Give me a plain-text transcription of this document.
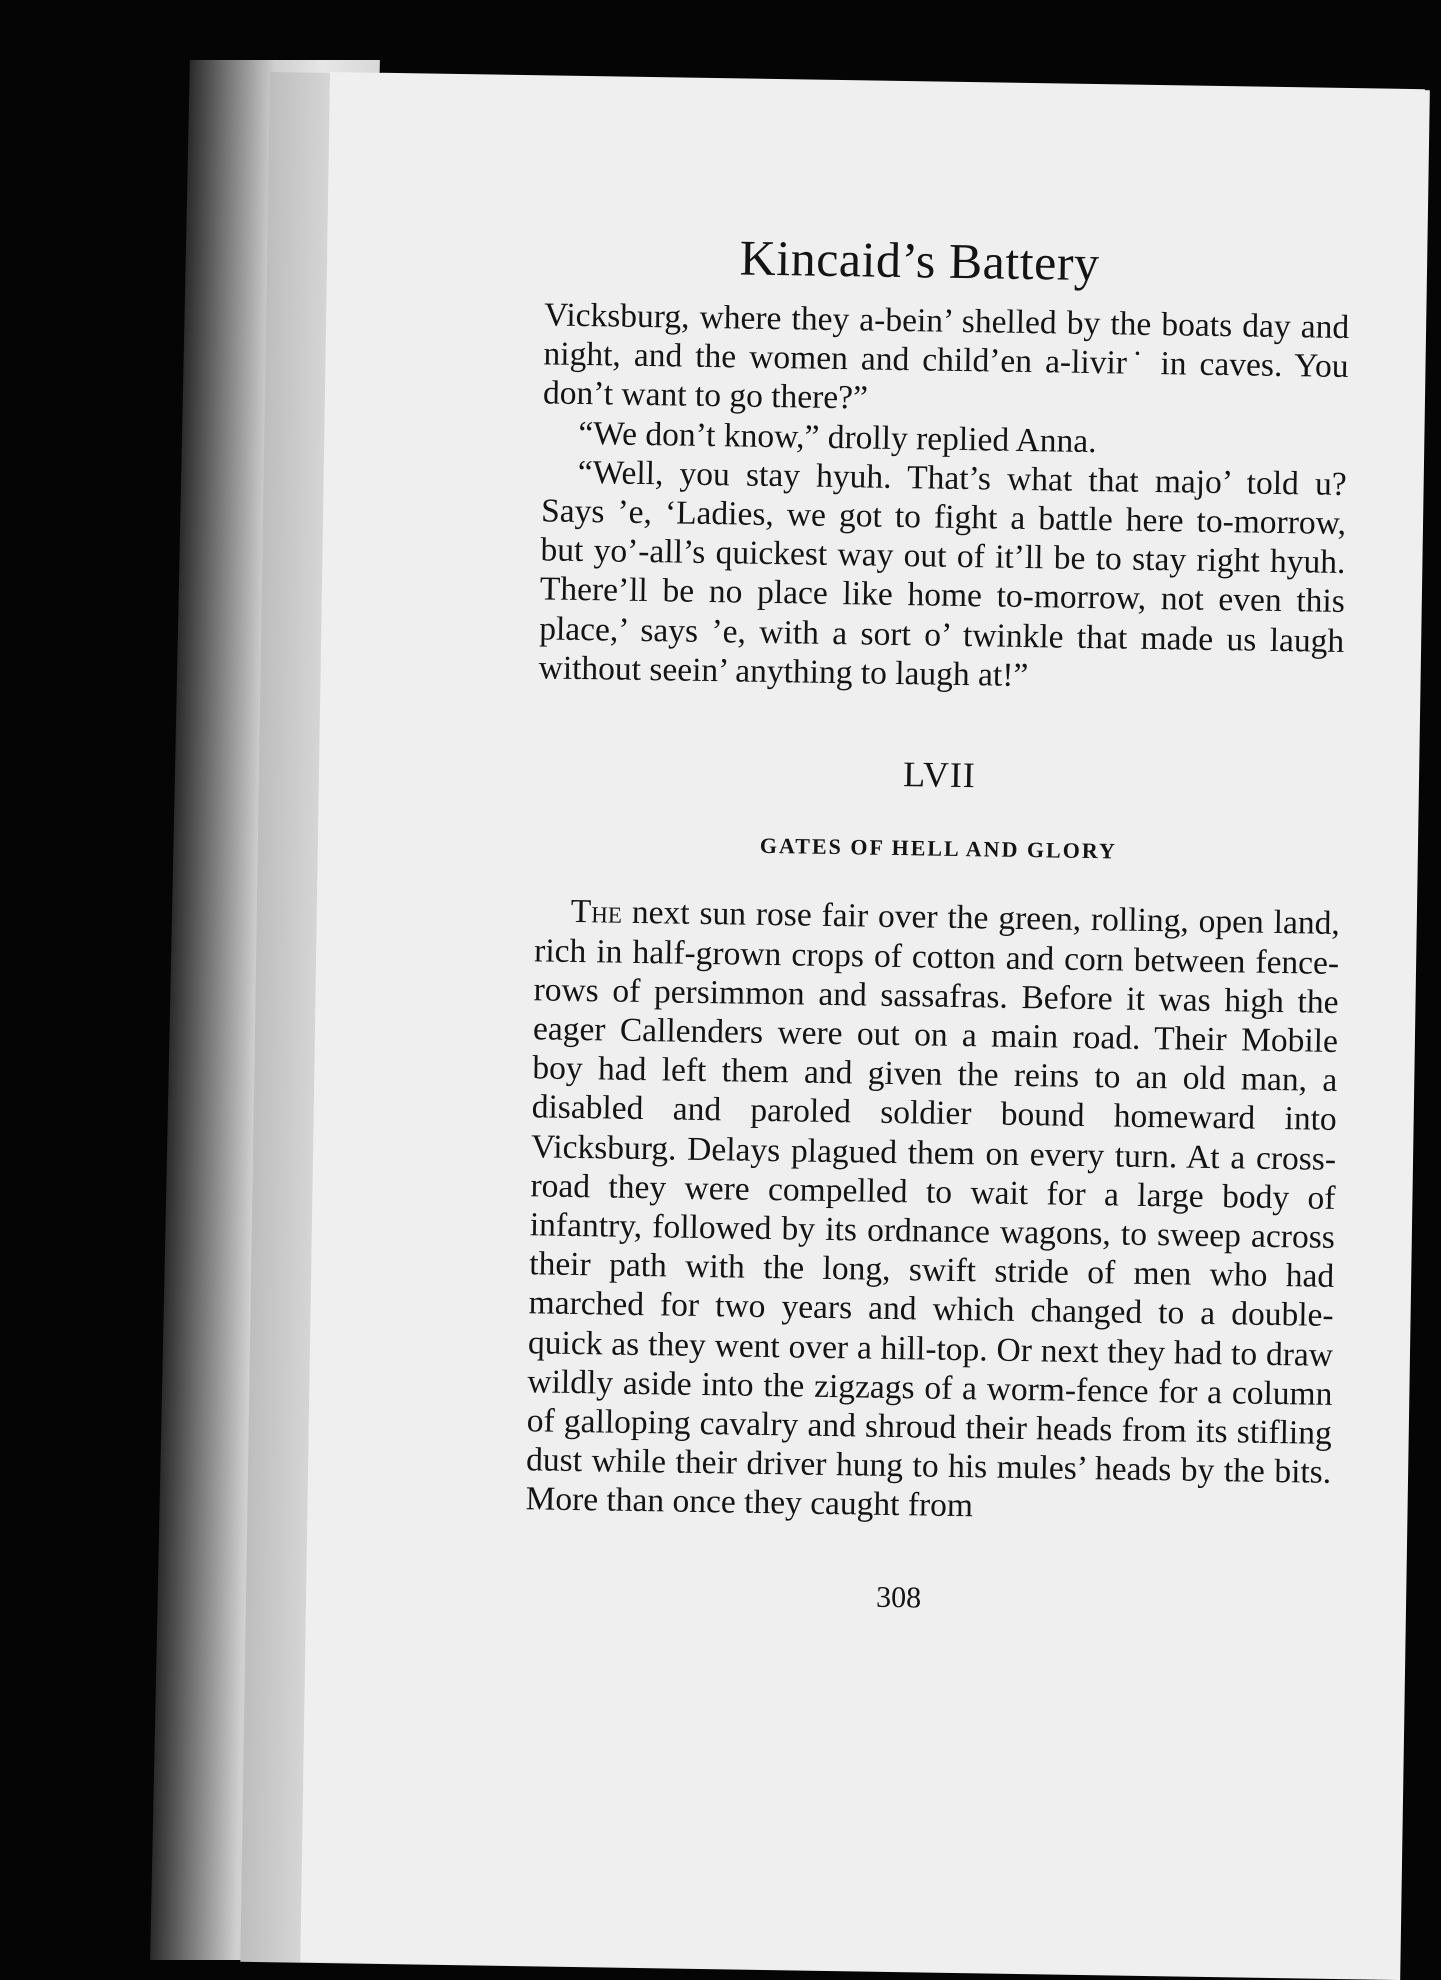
Kincaid’s Battery

Vicksburg, where they a-bein’ shelled by the boats day and night, and the women and child’en a-livir˙ in caves. You don’t want to go there?”

“We don’t know,” drolly replied Anna.

“Well, you stay hyuh. That’s what that majo’ told u? Says ’e, ‘Ladies, we got to fight a battle here to-morrow, but yo’-all’s quickest way out of it’ll be to stay right hyuh. There’ll be no place like home to-morrow, not even this place,’ says ’e, with a sort o’ twinkle that made us laugh without seein’ anything to laugh at!”

LVII
GATES OF HELL AND GLORY

The next sun rose fair over the green, rolling, open land, rich in half-grown crops of cotton and corn between fence-rows of persimmon and sassafras. Before it was high the eager Callenders were out on a main road. Their Mobile boy had left them and given the reins to an old man, a disabled and paroled soldier bound homeward into Vicksburg. Delays plagued them on every turn. At a cross-road they were compelled to wait for a large body of infantry, followed by its ordnance wagons, to sweep across their path with the long, swift stride of men who had marched for two years and which changed to a double-quick as they went over a hill-top. Or next they had to draw wildly aside into the zigzags of a worm-fence for a column of galloping cavalry and shroud their heads from its stifling dust while their driver hung to his mules’ heads by the bits. More than once they caught from

308
